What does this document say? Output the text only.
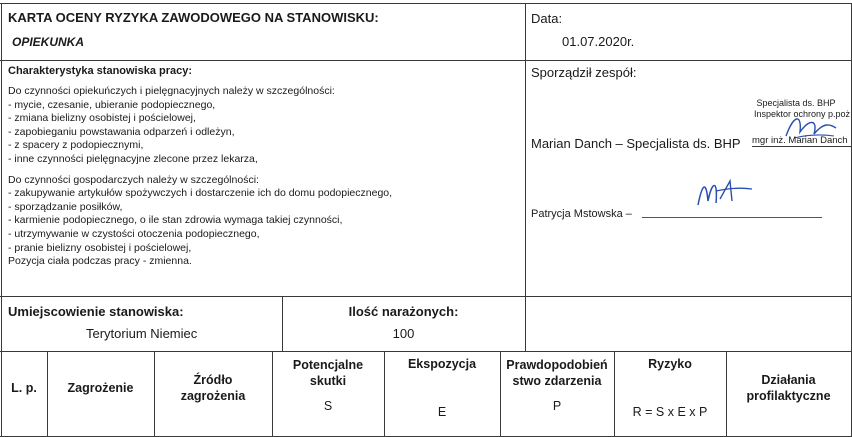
KARTA OCENY RYZYKA ZAWODOWEGO NA STANOWISKU:
OPIEKUNKA
Data:
01.07.2020r.
Charakterystyka stanowiska pracy:
Do czynności opiekuńczych i pielęgnacyjnych należy w szczególności:
- mycie, czesanie, ubieranie podopiecznego,
- zmiana bielizny osobistej i pościelowej,
- zapobieganiu powstawania odparzeń i odleżyn,
- z spacery z podopiecznymi,
- inne czynności pielęgnacyjne zlecone przez lekarza,
Do czynności gospodarczych należy w szczególności:
- zakupywanie artykułów spożywczych i dostarczenie ich do domu podopiecznego,
- sporządzanie posiłków,
- karmienie podopiecznego, o ile stan zdrowia wymaga takiej czynności,
- utrzymywanie w czystości otoczenia podopiecznego,
- pranie bielizny osobistej i pościelowej,
Pozycja ciała podczas pracy - zmienna.
Sporządził zespół:
Specjalista ds. BHP
Inspektor ochrony p.poż
Marian Danch – Specjalista ds. BHP mgr inż. Marian Danch
Patrycja Mstowska –
Umiejscowienie stanowiska:
Terytorium Niemiec
Ilość narażonych:
100
L. p.	Zagrożenie
Źródło
zagrożenia
Potencjalne
skutki
S
Ekspozycja
E
Prawdopodobień
stwo zdarzenia
P
Ryzyko
R = S x E x P
Działania
profilaktyczne
